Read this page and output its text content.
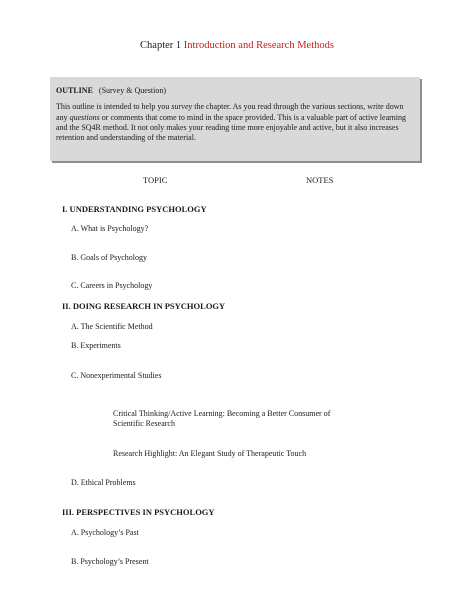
Chapter 1 Introduction and Research Methods
OUTLINE (Survey & Question)

This outline is intended to help you survey the chapter. As you read through the various sections, write down any questions or comments that come to mind in the space provided. This is a valuable part of active learning and the SQ4R method. It not only makes your reading time more enjoyable and active, but it also increases retention and understanding of the material.

TOPIC	NOTES
I. UNDERSTANDING PSYCHOLOGY
A. What is Psychology?
B. Goals of Psychology
C. Careers in Psychology
II. DOING RESEARCH IN PSYCHOLOGY
A. The Scientific Method
B. Experiments
C. Nonexperimental Studies
Critical Thinking/Active Learning: Becoming a Better Consumer of Scientific Research
Research Highlight: An Elegant Study of Therapeutic Touch
D. Ethical Problems
III. PERSPECTIVES IN PSYCHOLOGY
A. Psychology’s Past
B. Psychology’s Present
